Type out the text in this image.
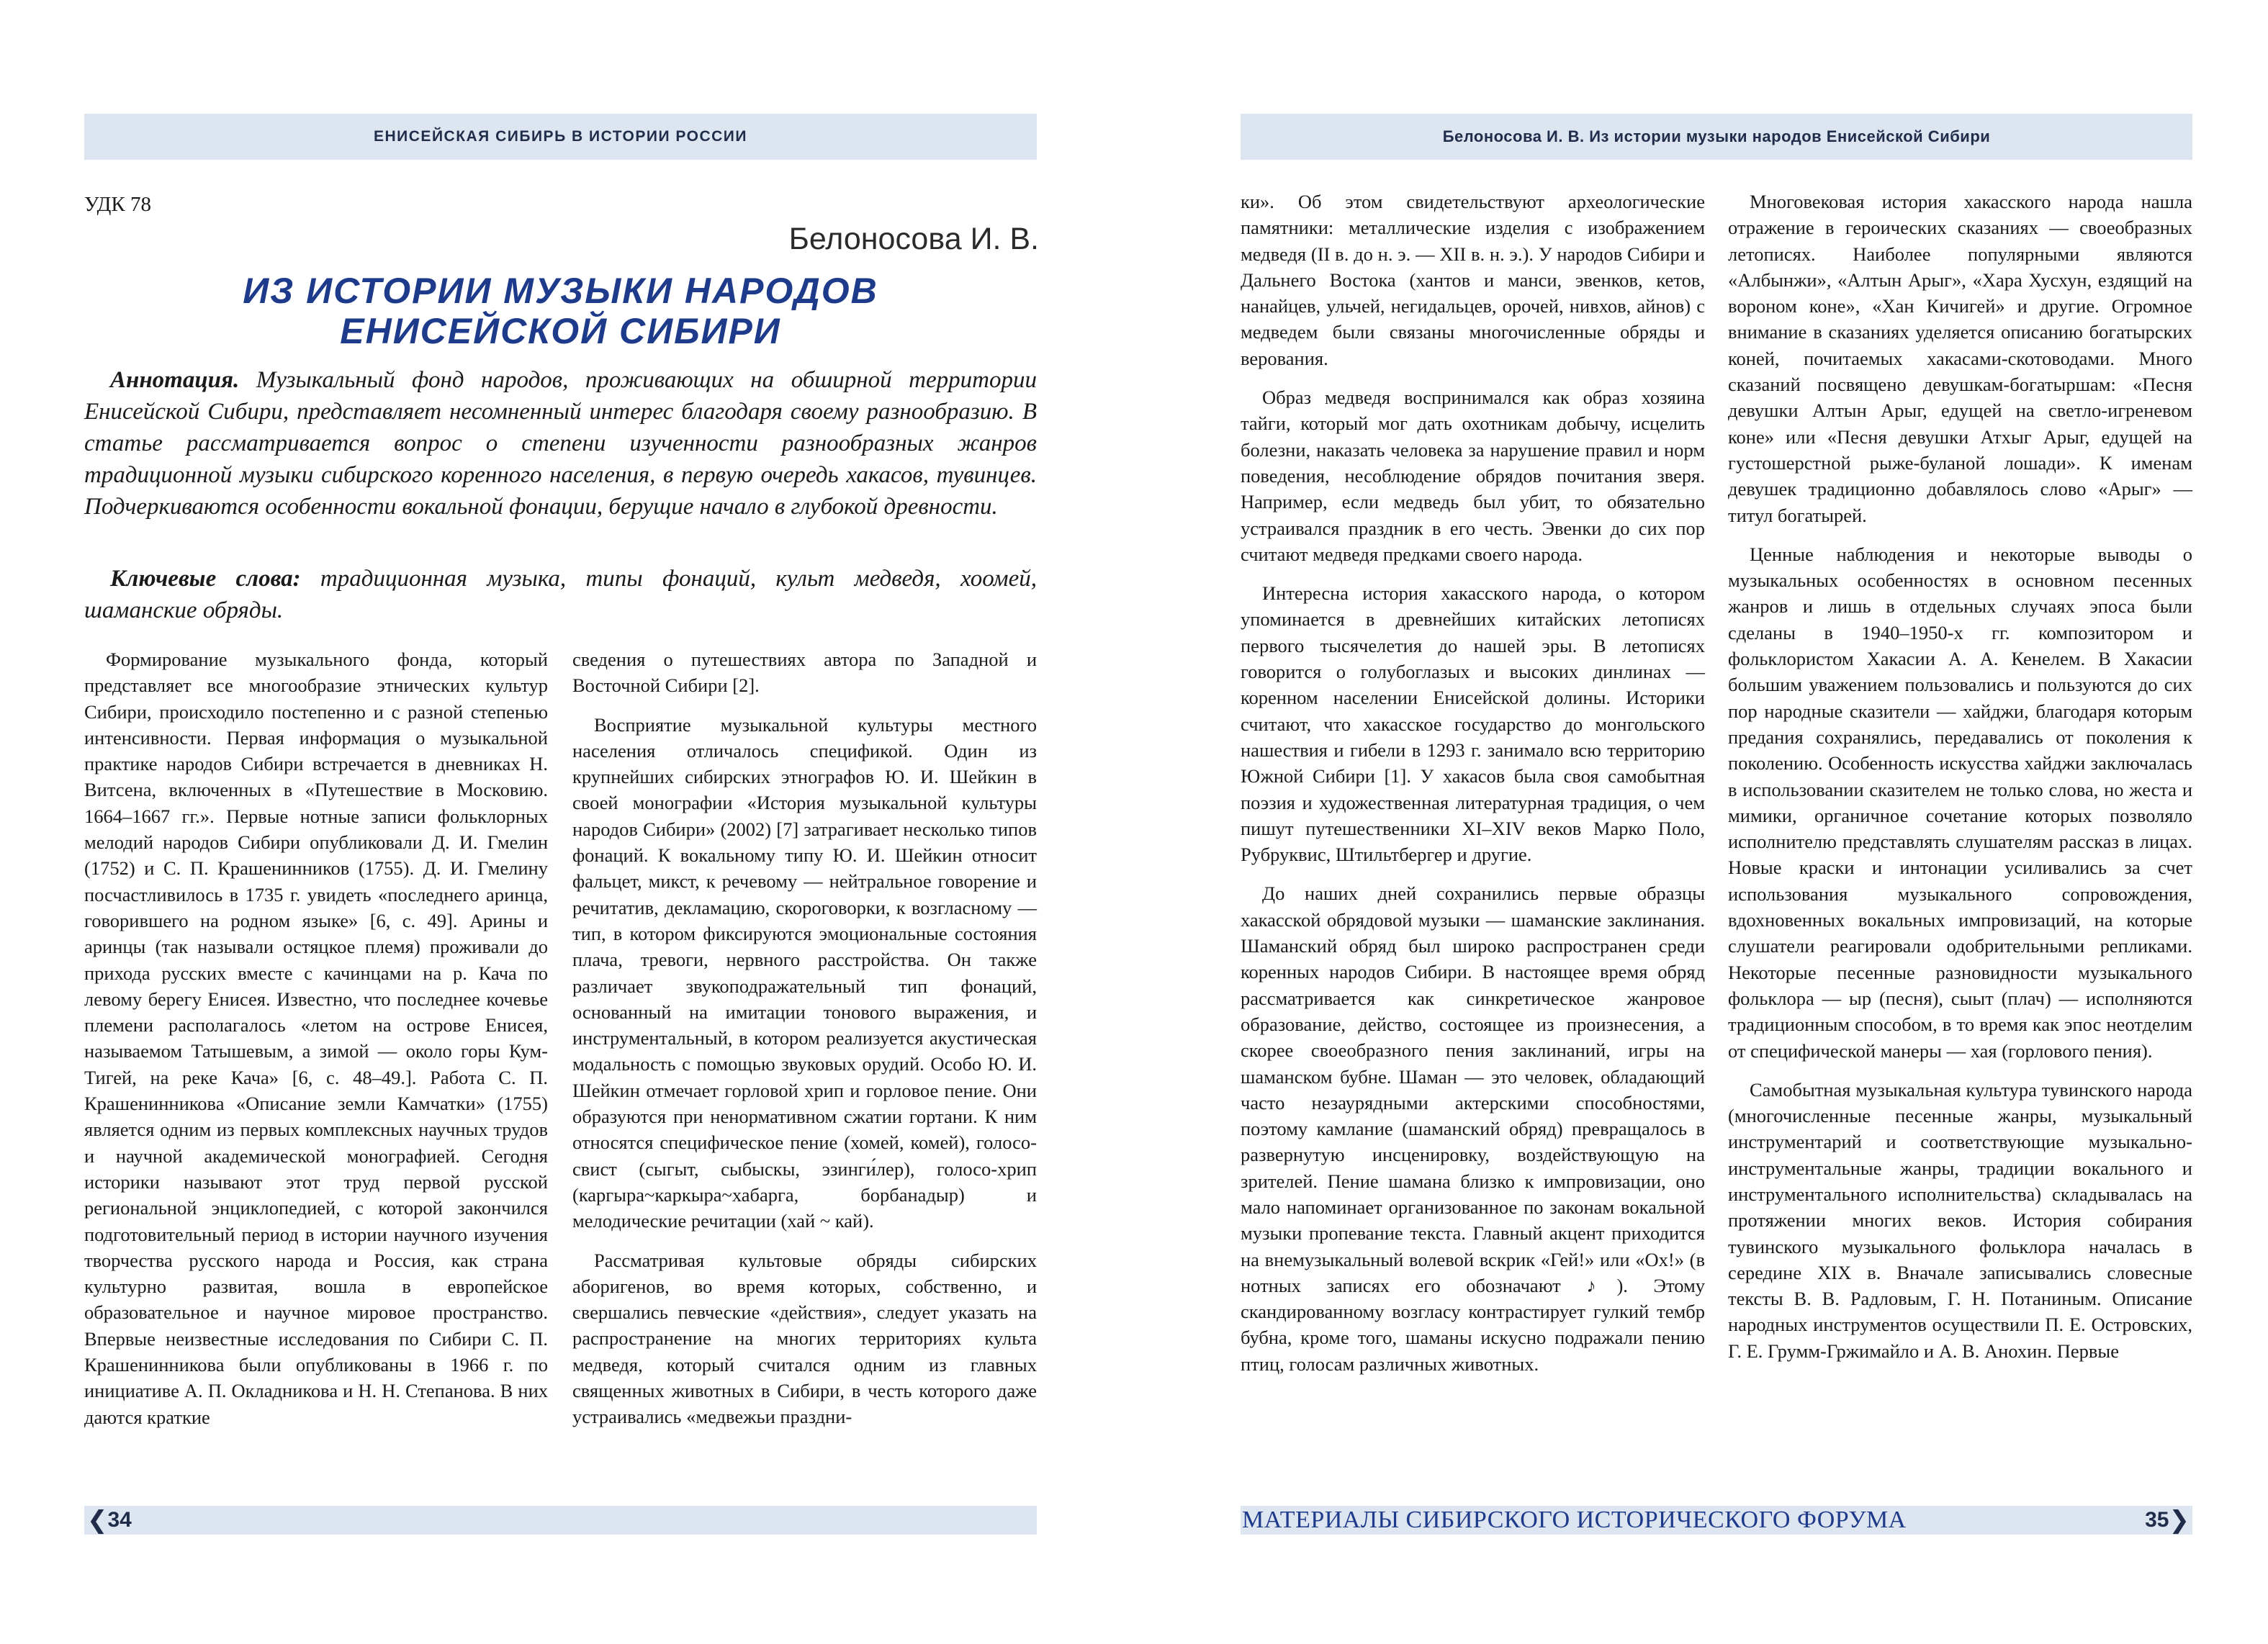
ЕНИСЕЙСКАЯ СИБИРЬ В ИСТОРИИ РОССИИ
УДК 78
Белоносова И. В.
ИЗ ИСТОРИИ МУЗЫКИ НАРОДОВ
ЕНИСЕЙСКОЙ СИБИРИ

Аннотация. Музыкальный фонд народов, проживающих на обширной территории Енисейской Сибири, представляет несомненный интерес благодаря своему разнообразию. В статье рассматривается вопрос о степени изученности разнообразных жанров традиционной музыки сибирского коренного населения, в первую очередь хакасов, тувинцев. Подчеркиваются особенности вокальной фонации, берущие начало в глубокой древности.

Ключевые слова: традиционная музыка, типы фонаций, культ медведя, хоомей, шаманские обряды.

Формирование музыкального фонда, который представляет все многообразие этнических культур Сибири, происходило постепенно и с разной степенью интенсивности. Первая информация о музыкальной практике народов Сибири встречается в дневниках Н. Витсена, включенных в «Путешествие в Московию. 1664–1667 гг.». Первые нотные записи фольклорных мелодий народов Сибири опубликовали Д. И. Гмелин (1752) и С. П. Крашенинников (1755). Д. И. Гмелину посчастливилось в 1735 г. увидеть «последнего аринца, говорившего на родном языке» [6, с. 49]. Арины и аринцы (так называли остяцкое племя) проживали до прихода русских вместе с качинцами на р. Кача по левому берегу Енисея. Известно, что последнее кочевье племени располагалось «летом на острове Енисея, называемом Татышевым, а зимой — около горы Кум-Тигей, на реке Кача» [6, с. 48–49.]. Работа С. П. Крашенинникова «Описание земли Камчатки» (1755) является одним из первых комплексных научных трудов и научной академической монографией. Сегодня историки называют этот труд первой русской региональной энциклопедией, с которой закончился подготовительный период в истории научного изучения творчества русского народа и Россия, как страна культурно развитая, вошла в европейское образовательное и научное мировое пространство. Впервые неизвестные исследования по Сибири С. П. Крашенинникова были опубликованы в 1966 г. по инициативе А. П. Окладникова и Н. Н. Степанова. В них даются краткие

сведения о путешествиях автора по Западной и Восточной Сибири [2].

Восприятие музыкальной культуры местного населения отличалось спецификой. Один из крупнейших сибирских этнографов Ю. И. Шейкин в своей монографии «История музыкальной культуры народов Сибири» (2002) [7] затрагивает несколько типов фонаций. К вокальному типу Ю. И. Шейкин относит фальцет, микст, к речевому — нейтральное говорение и речитатив, декламацию, скороговорки, к возгласному — тип, в котором фиксируются эмоциональные состояния плача, тревоги, нервного расстройства. Он также различает звукоподражательный тип фонаций, основанный на имитации тонового выражения, и инструментальный, в котором реализуется акустическая модальность с помощью звуковых орудий. Особо Ю. И. Шейкин отмечает горловой хрип и горловое пение. Они образуются при ненормативном сжатии гортани. К ним относятся специфическое пение (хомей, комей), голосо-свист (сыгыт, сыбыскы, эзинги́лер), голосо-хрип (каргыра~каркыра~хабарга, борбанадыр) и мелодические речитации (хай ~ кай).

Рассматривая культовые обряды сибирских аборигенов, во время которых, собственно, и свершались певческие «действия», следует указать на распространение на многих территориях культа медведя, который считался одним из главных священных животных в Сибири, в честь которого даже устраивались «медвежьи праздни-

❮ 34
Белоносова И. В. Из истории музыки народов Енисейской Сибири

ки». Об этом свидетельствуют археологические памятники: металлические изделия с изображением медведя (II в. до н. э. — XII в. н. э.). У народов Сибири и Дальнего Востока (хантов и манси, эвенков, кетов, нанайцев, ульчей, негидальцев, орочей, нивхов, айнов) с медведем были связаны многочисленные обряды и верования.

Образ медведя воспринимался как образ хозяина тайги, который мог дать охотникам добычу, исцелить болезни, наказать человека за нарушение правил и норм поведения, несоблюдение обрядов почитания зверя. Например, если медведь был убит, то обязательно устраивался праздник в его честь. Эвенки до сих пор считают медведя предками своего народа.

Интересна история хакасского народа, о котором упоминается в древнейших китайских летописях первого тысячелетия до нашей эры. В летописях говорится о голубоглазых и высоких динлинах — коренном населении Енисейской долины. Историки считают, что хакасское государство до монгольского нашествия и гибели в 1293 г. занимало всю территорию Южной Сибири [1]. У хакасов была своя самобытная поэзия и художественная литературная традиция, о чем пишут путешественники XI–XIV веков Марко Поло, Рубруквис, Штильтбергер и другие.

До наших дней сохранились первые образцы хакасской обрядовой музыки — шаманские заклинания. Шаманский обряд был широко распространен среди коренных народов Сибири. В настоящее время обряд рассматривается как синкретическое жанровое образование, действо, состоящее из произнесения, а скорее своеобразного пения заклинаний, игры на шаманском бубне. Шаман — это человек, обладающий часто незаурядными актерскими способностями, поэтому камлание (шаманский обряд) превращалось в развернутую инсценировку, воздействующую на зрителей. Пение шамана близко к импровизации, оно мало напоминает организованное по законам вокальной музыки пропевание текста. Главный акцент приходится на внемузыкальный волевой вскрик «Гей!» или «Ох!» (в нотных записях его обозначают ♪). Этому скандированному возгласу контрастирует гулкий тембр бубна, кроме того, шаманы искусно подражали пению птиц, голосам различных животных.

Многовековая история хакасского народа нашла отражение в героических сказаниях — своеобразных летописях. Наиболее популярными являются «Албынжи», «Алтын Арыг», «Хара Хусхун, ездящий на вороном коне», «Хан Кичигей» и другие. Огромное внимание в сказаниях уделяется описанию богатырских коней, почитаемых хакасами-скотоводами. Много сказаний посвящено девушкам-богатыршам: «Песня девушки Алтын Арыг, едущей на светло-игреневом коне» или «Песня девушки Атхыг Арыг, едущей на густошерстной рыже-буланой лошади». К именам девушек традиционно добавлялось слово «Арыг» — титул богатырей.

Ценные наблюдения и некоторые выводы о музыкальных особенностях в основном песенных жанров и лишь в отдельных случаях эпоса были сделаны в 1940–1950-х гг. композитором и фольклористом Хакасии А. А. Кенелем. В Хакасии большим уважением пользовались и пользуются до сих пор народные сказители — хайджи, благодаря которым предания сохранялись, передавались от поколения к поколению. Особенность искусства хайджи заключалась в использовании сказителем не только слова, но жеста и мимики, органичное сочетание которых позволяло исполнителю представлять слушателям рассказ в лицах. Новые краски и интонации усиливались за счет использования музыкального сопровождения, вдохновенных вокальных импровизаций, на которые слушатели реагировали одобрительными репликами. Некоторые песенные разновидности музыкального фольклора — ыр (песня), сыыт (плач) — исполняются традиционным способом, в то время как эпос неотделим от специфической манеры — хая (горлового пения).

Самобытная музыкальная культура тувинского народа (многочисленные песенные жанры, музыкальный инструментарий и соответствующие музыкально-инструментальные жанры, традиции вокального и инструментального исполнительства) складывалась на протяжении многих веков. История собирания тувинского музыкального фольклора началась в середине XIX в. Вначале записывались словесные тексты В. В. Радловым, Г. Н. Потаниным. Описание народных инструментов осуществили П. Е. Островских, Г. Е. Грумм-Гржимайло и А. В. Анохин. Первые

МАТЕРИАЛЫ СИБИРСКОГО ИСТОРИЧЕСКОГО ФОРУМА	35 ❯
